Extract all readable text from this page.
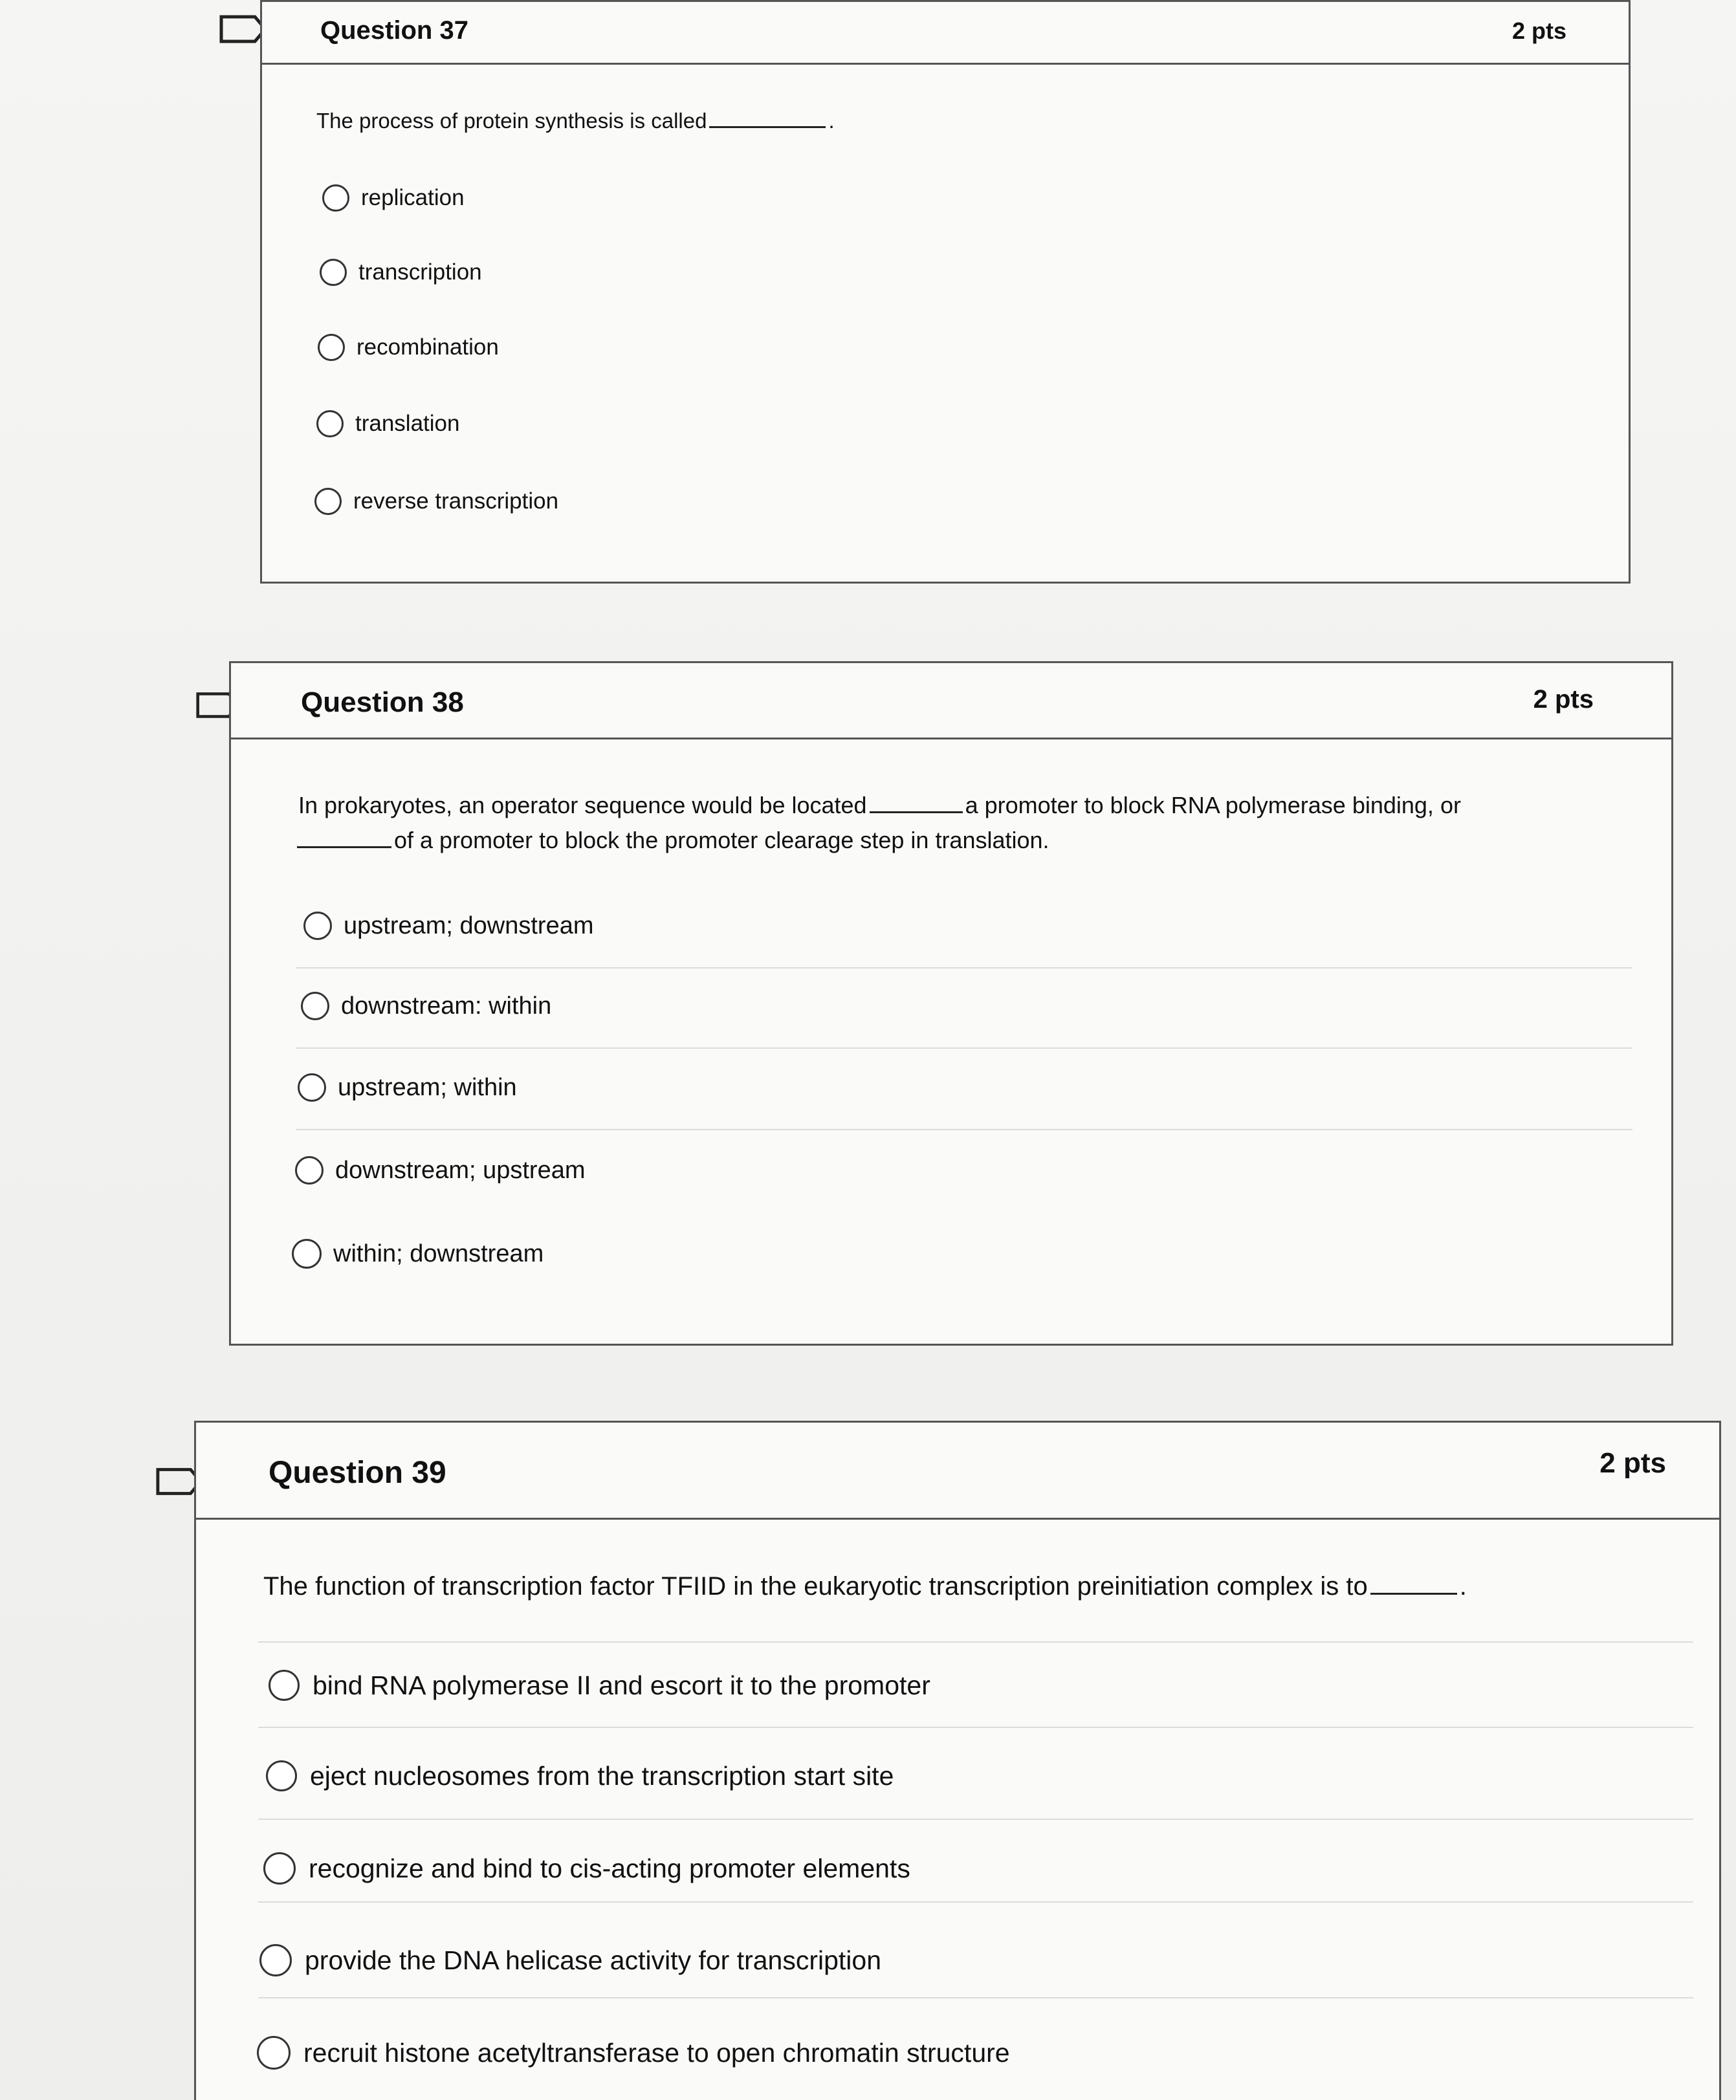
Question 37	2 pts
The process of protein synthesis is called	.
replication
transcription
recombination
translation
reverse transcription
Question 38	2 pts
In prokaryotes, an operator sequence would be located	a promoter to block RNA polymerase binding, or
of a promoter to block the promoter clearage step in translation.
upstream; downstream
downstream: within
upstream; within
downstream; upstream
within; downstream
Question 39	2 pts
The function of transcription factor TFIID in the eukaryotic transcription preinitiation complex is to	.
bind RNA polymerase II and escort it to the promoter
eject nucleosomes from the transcription start site
recognize and bind to cis-acting promoter elements
provide the DNA helicase activity for transcription
recruit histone acetyltransferase to open chromatin structure
